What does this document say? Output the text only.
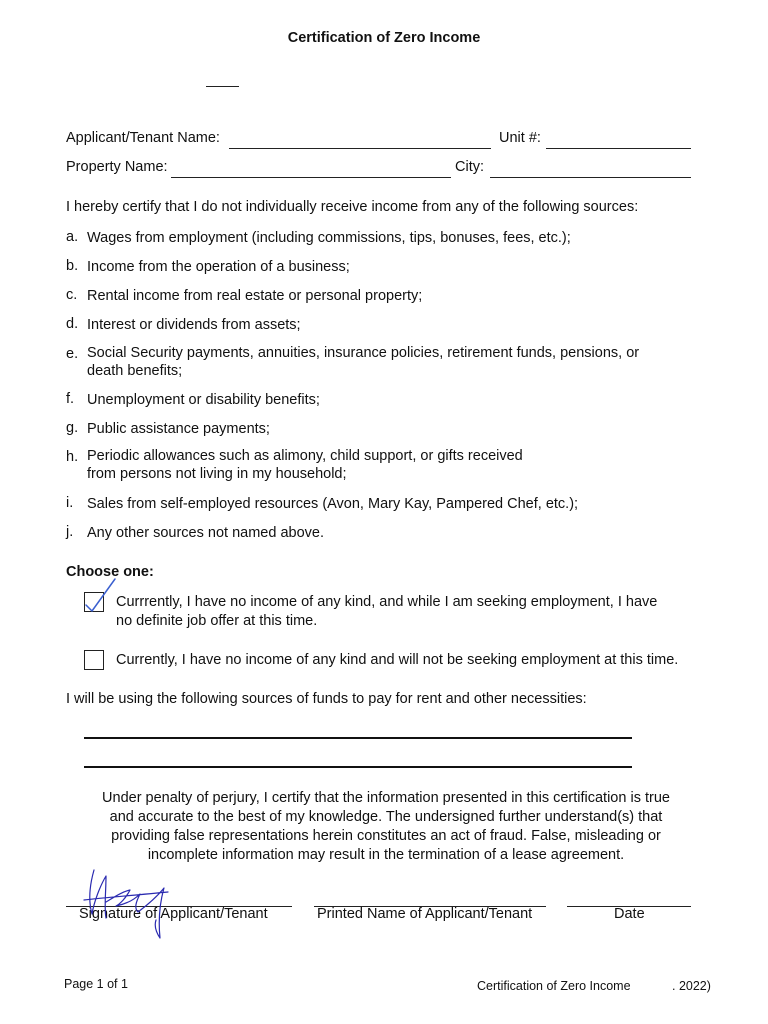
Certification of Zero Income
Applicant/Tenant Name:	Unit #:
Property Name:	City:
I hereby certify that I do not individually receive income from any of the following sources:
a. Wages from employment (including commissions, tips, bonuses, fees, etc.);
b. Income from the operation of a business;
c. Rental income from real estate or personal property;
d. Interest or dividends from assets;
e. Social Security payments, annuities, insurance policies, retirement funds, pensions, or
death benefits;
f. Unemployment or disability benefits;
g. Public assistance payments;
h. Periodic allowances such as alimony, child support, or gifts received
from persons not living in my household;
i. Sales from self-employed resources (Avon, Mary Kay, Pampered Chef, etc.);
j. Any other sources not named above.
Choose one:
Currrently, I have no income of any kind, and while I am seeking employment, I have
no definite job offer at this time.
Currently, I have no income of any kind and will not be seeking employment at this time.
I will be using the following sources of funds to pay for rent and other necessities:
Under penalty of perjury, I certify that the information presented in this certification is true
and accurate to the best of my knowledge. The undersigned further understand(s) that
providing false representations herein constitutes an act of fraud. False, misleading or
incomplete information may result in the termination of a lease agreement.
Signature of Applicant/Tenant	Printed Name of Applicant/Tenant	Date
Page 1 of 1	Certification of Zero Income	. 2022)
